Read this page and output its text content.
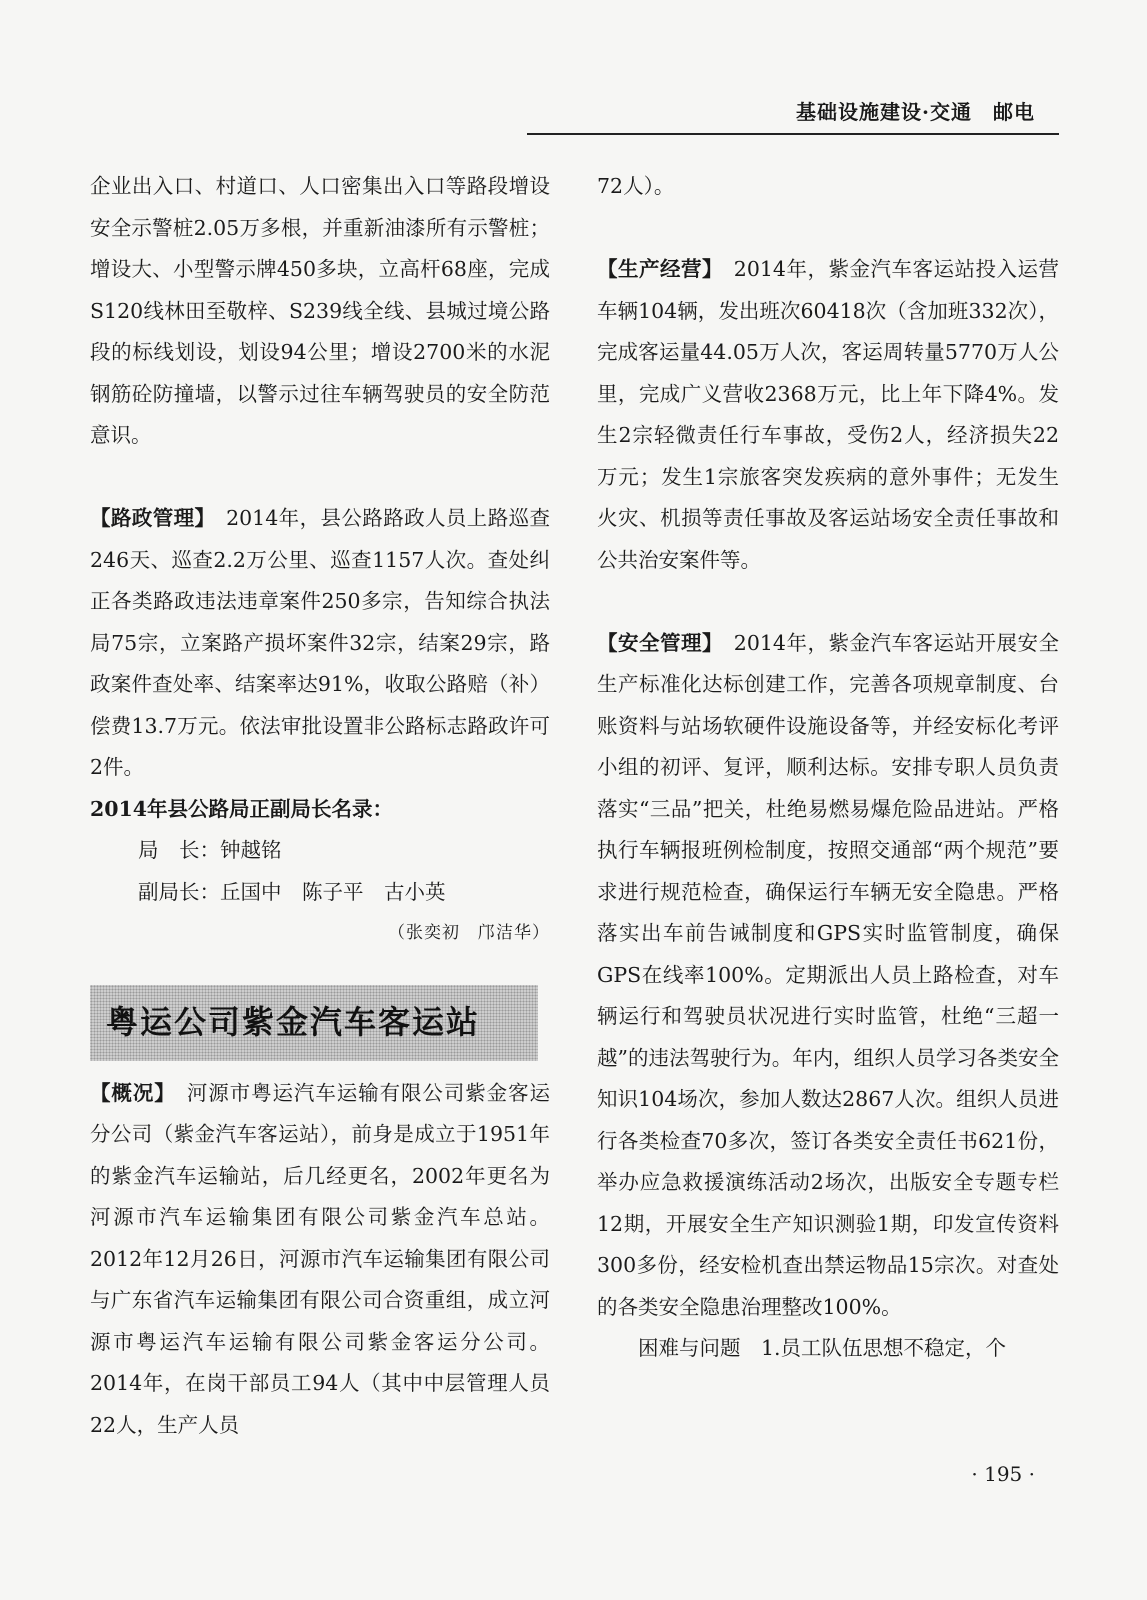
基础设施建设·交通　邮电

企业出入口、村道口、人口密集出入口等路段增设安全示警桩2.05万多根，并重新油漆所有示警桩；增设大、小型警示牌450多块，立高杆68座，完成S120线林田至敬梓、S239线全线、县城过境公路段的标线划设，划设94公里；增设2700米的水泥钢筋砼防撞墙，以警示过往车辆驾驶员的安全防范意识。

【路政管理】　 2014年，县公路路政人员上路巡查246天、巡查2.2万公里、巡查1157人次。查处纠正各类路政违法违章案件250多宗，告知综合执法局75宗，立案路产损坏案件32宗，结案29宗，路政案件查处率、结案率达91%，收取公路赔（补）偿费13.7万元。依法审批设置非公路标志路政许可2件。

2014年县公路局正副局长名录：

局　长：钟越铭

副局长：丘国中　陈子平　古小英

（张奕初　邝洁华）

粤运公司紫金汽车客运站

【概况】　 河源市粤运汽车运输有限公司紫金客运分公司（紫金汽车客运站），前身是成立于1951年的紫金汽车运输站，后几经更名，2002年更名为河源市汽车运输集团有限公司紫金汽车总站。2012年12月26日，河源市汽车运输集团有限公司与广东省汽车运输集团有限公司合资重组，成立河源市粤运汽车运输有限公司紫金客运分公司。2014年，在岗干部员工94人（其中中层管理人员22人，生产人员

72人）。

【生产经营】　 2014年，紫金汽车客运站投入运营车辆104辆，发出班次60418次（含加班332次），完成客运量44.05万人次，客运周转量5770万人公里，完成广义营收2368万元，比上年下降4%。发生2宗轻微责任行车事故，受伤2人，经济损失22万元；发生1宗旅客突发疾病的意外事件；无发生火灾、机损等责任事故及客运站场安全责任事故和公共治安案件等。

【安全管理】　 2014年，紫金汽车客运站开展安全生产标准化达标创建工作，完善各项规章制度、台账资料与站场软硬件设施设备等，并经安标化考评小组的初评、复评，顺利达标。安排专职人员负责落实“三品”把关，杜绝易燃易爆危险品进站。严格执行车辆报班例检制度，按照交通部“两个规范”要求进行规范检查，确保运行车辆无安全隐患。严格落实出车前告诫制度和GPS实时监管制度，确保GPS在线率100%。定期派出人员上路检查，对车辆运行和驾驶员状况进行实时监管，杜绝“三超一越”的违法驾驶行为。年内，组织人员学习各类安全知识104场次，参加人数达2867人次。组织人员进行各类检查70多次，签订各类安全责任书621份，举办应急救援演练活动2场次，出版安全专题专栏12期，开展安全生产知识测验1期，印发宣传资料300多份，经安检机查出禁运物品15宗次。对查处的各类安全隐患治理整改100%。

困难与问题　 1.员工队伍思想不稳定，个

· 195 ·
